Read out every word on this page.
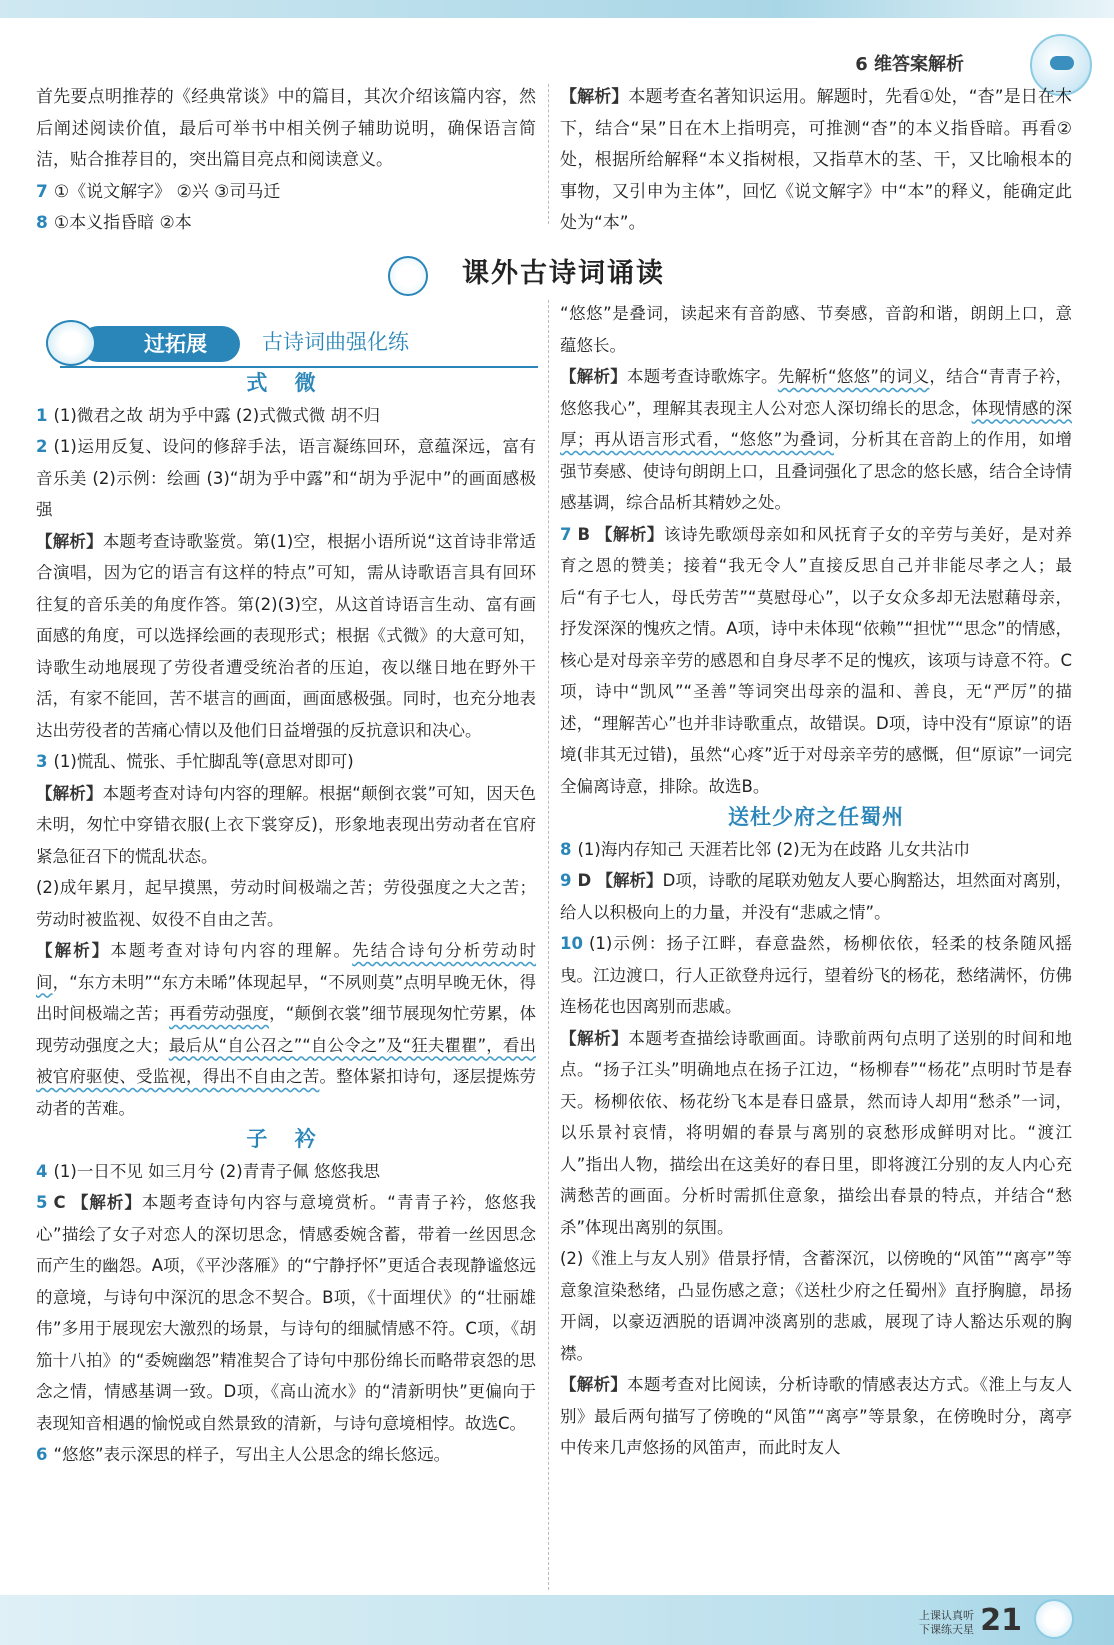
6 维答案解析
首先要点明推荐的《经典常谈》中的篇目，其次介绍该篇内容，然后阐述阅读价值，最后可举书中相关例子辅助说明，确保语言简洁，贴合推荐目的，突出篇目亮点和阅读意义。
7 ①《说文解字》 ②兴 ③司马迁
8 ①本义指昏暗 ②本
【解析】本题考查名著知识运用。解题时，先看①处，“杳”是日在木下，结合“杲”日在木上指明亮，可推测“杳”的本义指昏暗。再看②处，根据所给解释“本义指树根，又指草木的茎、干，又比喻根本的事物，又引申为主体”，回忆《说文解字》中“本”的释义，能确定此处为“本”。
课外古诗词诵读
过拓展	古诗词曲强化练
式 微
1 (1)微君之故 胡为乎中露 (2)式微式微 胡不归
2 (1)运用反复、设问的修辞手法，语言凝练回环，意蕴深远，富有音乐美 (2)示例：绘画 (3)“胡为乎中露”和“胡为乎泥中”的画面感极强
【解析】本题考查诗歌鉴赏。第(1)空，根据小语所说“这首诗非常适合演唱，因为它的语言有这样的特点”可知，需从诗歌语言具有回环往复的音乐美的角度作答。第(2)(3)空，从这首诗语言生动、富有画面感的角度，可以选择绘画的表现形式；根据《式微》的大意可知，诗歌生动地展现了劳役者遭受统治者的压迫，夜以继日地在野外干活，有家不能回，苦不堪言的画面，画面感极强。同时，也充分地表达出劳役者的苦痛心情以及他们日益增强的反抗意识和决心。
3 (1)慌乱、慌张、手忙脚乱等(意思对即可)
【解析】本题考查对诗句内容的理解。根据“颠倒衣裳”可知，因天色未明，匆忙中穿错衣服(上衣下裳穿反)，形象地表现出劳动者在官府紧急征召下的慌乱状态。
(2)成年累月，起早摸黑，劳动时间极端之苦；劳役强度之大之苦；劳动时被监视、奴役不自由之苦。
【解析】本题考查对诗句内容的理解。先结合诗句分析劳动时间，“东方未明”“东方未晞”体现起早，“不夙则莫”点明早晚无休，得出时间极端之苦；再看劳动强度，“颠倒衣裳”细节展现匆忙劳累，体现劳动强度之大；最后从“自公召之”“自公令之”及“狂夫瞿瞿”，看出被官府驱使、受监视，得出不自由之苦。整体紧扣诗句，逐层提炼劳动者的苦难。
子 衿
4 (1)一日不见 如三月兮 (2)青青子佩 悠悠我思
5 C 【解析】本题考查诗句内容与意境赏析。“青青子衿，悠悠我心”描绘了女子对恋人的深切思念，情感委婉含蓄，带着一丝因思念而产生的幽怨。A项，《平沙落雁》的“宁静抒怀”更适合表现静谧悠远的意境，与诗句中深沉的思念不契合。B项，《十面埋伏》的“壮丽雄伟”多用于展现宏大激烈的场景，与诗句的细腻情感不符。C项，《胡笳十八拍》的“委婉幽怨”精准契合了诗句中那份绵长而略带哀怨的思念之情，情感基调一致。D项，《高山流水》的“清新明快”更偏向于表现知音相遇的愉悦或自然景致的清新，与诗句意境相悖。故选C。
6 “悠悠”表示深思的样子，写出主人公思念的绵长悠远。
“悠悠”是叠词，读起来有音韵感、节奏感，音韵和谐，朗朗上口，意蕴悠长。
【解析】本题考查诗歌炼字。先解析“悠悠”的词义，结合“青青子衿，悠悠我心”，理解其表现主人公对恋人深切绵长的思念，体现情感的深厚；再从语言形式看，“悠悠”为叠词，分析其在音韵上的作用，如增强节奏感、使诗句朗朗上口，且叠词强化了思念的悠长感，结合全诗情感基调，综合品析其精妙之处。
7 B 【解析】该诗先歌颂母亲如和风抚育子女的辛劳与美好，是对养育之恩的赞美；接着“我无令人”直接反思自己并非能尽孝之人；最后“有子七人，母氏劳苦”“莫慰母心”，以子女众多却无法慰藉母亲，抒发深深的愧疚之情。A项，诗中未体现“依赖”“担忧”“思念”的情感，核心是对母亲辛劳的感恩和自身尽孝不足的愧疚，该项与诗意不符。C项，诗中“凯风”“圣善”等词突出母亲的温和、善良，无“严厉”的描述，“理解苦心”也并非诗歌重点，故错误。D项，诗中没有“原谅”的语境(非其无过错)，虽然“心疼”近于对母亲辛劳的感慨，但“原谅”一词完全偏离诗意，排除。故选B。
送杜少府之任蜀州
8 (1)海内存知己 天涯若比邻 (2)无为在歧路 儿女共沾巾
9 D 【解析】D项，诗歌的尾联劝勉友人要心胸豁达，坦然面对离别，给人以积极向上的力量，并没有“悲戚之情”。
10 (1)示例：扬子江畔，春意盎然，杨柳依依，轻柔的枝条随风摇曳。江边渡口，行人正欲登舟远行，望着纷飞的杨花，愁绪满怀，仿佛连杨花也因离别而悲戚。
【解析】本题考查描绘诗歌画面。诗歌前两句点明了送别的时间和地点。“扬子江头”明确地点在扬子江边，“杨柳春”“杨花”点明时节是春天。杨柳依依、杨花纷飞本是春日盛景，然而诗人却用“愁杀”一词，以乐景衬哀情，将明媚的春景与离别的哀愁形成鲜明对比。“渡江人”指出人物，描绘出在这美好的春日里，即将渡江分别的友人内心充满愁苦的画面。分析时需抓住意象，描绘出春景的特点，并结合“愁杀”体现出离别的氛围。
(2)《淮上与友人别》借景抒情，含蓄深沉，以傍晚的“风笛”“离亭”等意象渲染愁绪，凸显伤感之意；《送杜少府之任蜀州》直抒胸臆，昂扬开阔，以豪迈洒脱的语调冲淡离别的悲戚，展现了诗人豁达乐观的胸襟。
【解析】本题考查对比阅读，分析诗歌的情感表达方式。《淮上与友人别》最后两句描写了傍晚的“风笛”“离亭”等景象，在傍晚时分，离亭中传来几声悠扬的风笛声，而此时友人
上课认真听
下课练天星 21
